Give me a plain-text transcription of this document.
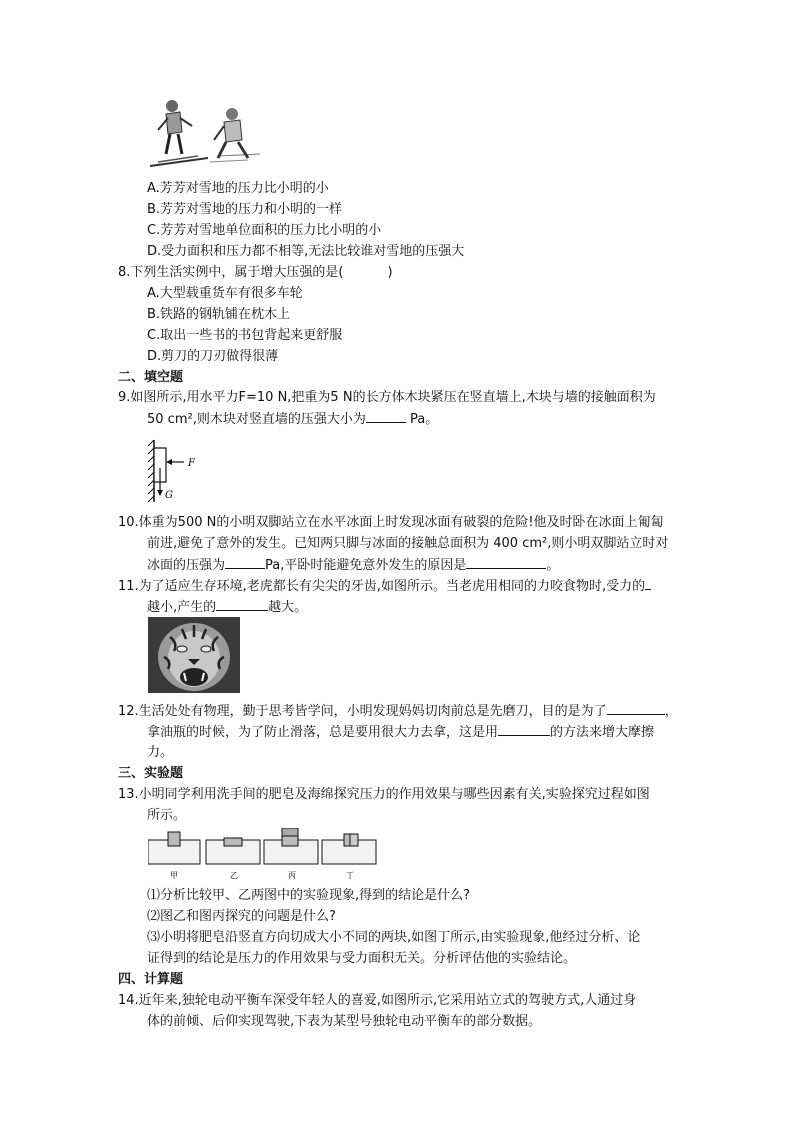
A.芳芳对雪地的压力比小明的小
B.芳芳对雪地的压力和小明的一样
C.芳芳对雪地单位面积的压力比小明的小
D.受力面积和压力都不相等,无法比较谁对雪地的压强大
8.下列生活实例中，属于增大压强的是(	)
A.大型载重货车有很多车轮
B.铁路的钢轨铺在枕木上
C.取出一些书的书包背起来更舒服
D.剪刀的刀刃做得很薄
二、填空题
9.如图所示,用水平力F=10 N,把重为5 N的长方体木块紧压在竖直墙上,木块与墙的接触面积为
50 cm²,则木块对竖直墙的压强大小为	Pa。
F
G
10.体重为500 N的小明双脚站立在水平冰面上时发现冰面有破裂的危险!他及时卧在冰面上匍匐
前进,避免了意外的发生。已知两只脚与冰面的接触总面积为 400 cm²,则小明双脚站立时对
冰面的压强为	Pa,平卧时能避免意外发生的原因是	。
11.为了适应生存环境,老虎都长有尖尖的牙齿,如图所示。当老虎用相同的力咬食物时,受力的
越小,产生的	越大。
12.生活处处有物理，勤于思考皆学问，小明发现妈妈切肉前总是先磨刀，目的是为了	，
拿油瓶的时候，为了防止滑落，总是要用很大力去拿，这是用	的方法来增大摩擦
力。
三、实验题
13.小明同学利用洗手间的肥皂及海绵探究压力的作用效果与哪些因素有关,实验探究过程如图
所示。
甲	乙	丙	丁
⑴分析比较甲、乙两图中的实验现象,得到的结论是什么?
⑵图乙和图丙探究的问题是什么?
⑶小明将肥皂沿竖直方向切成大小不同的两块,如图丁所示,由实验现象,他经过分析、论
证得到的结论是压力的作用效果与受力面积无关。分析评估他的实验结论。
四、计算题
14.近年来,独轮电动平衡车深受年轻人的喜爱,如图所示,它采用站立式的驾驶方式,人通过身
体的前倾、后仰实现驾驶,下表为某型号独轮电动平衡车的部分数据。
